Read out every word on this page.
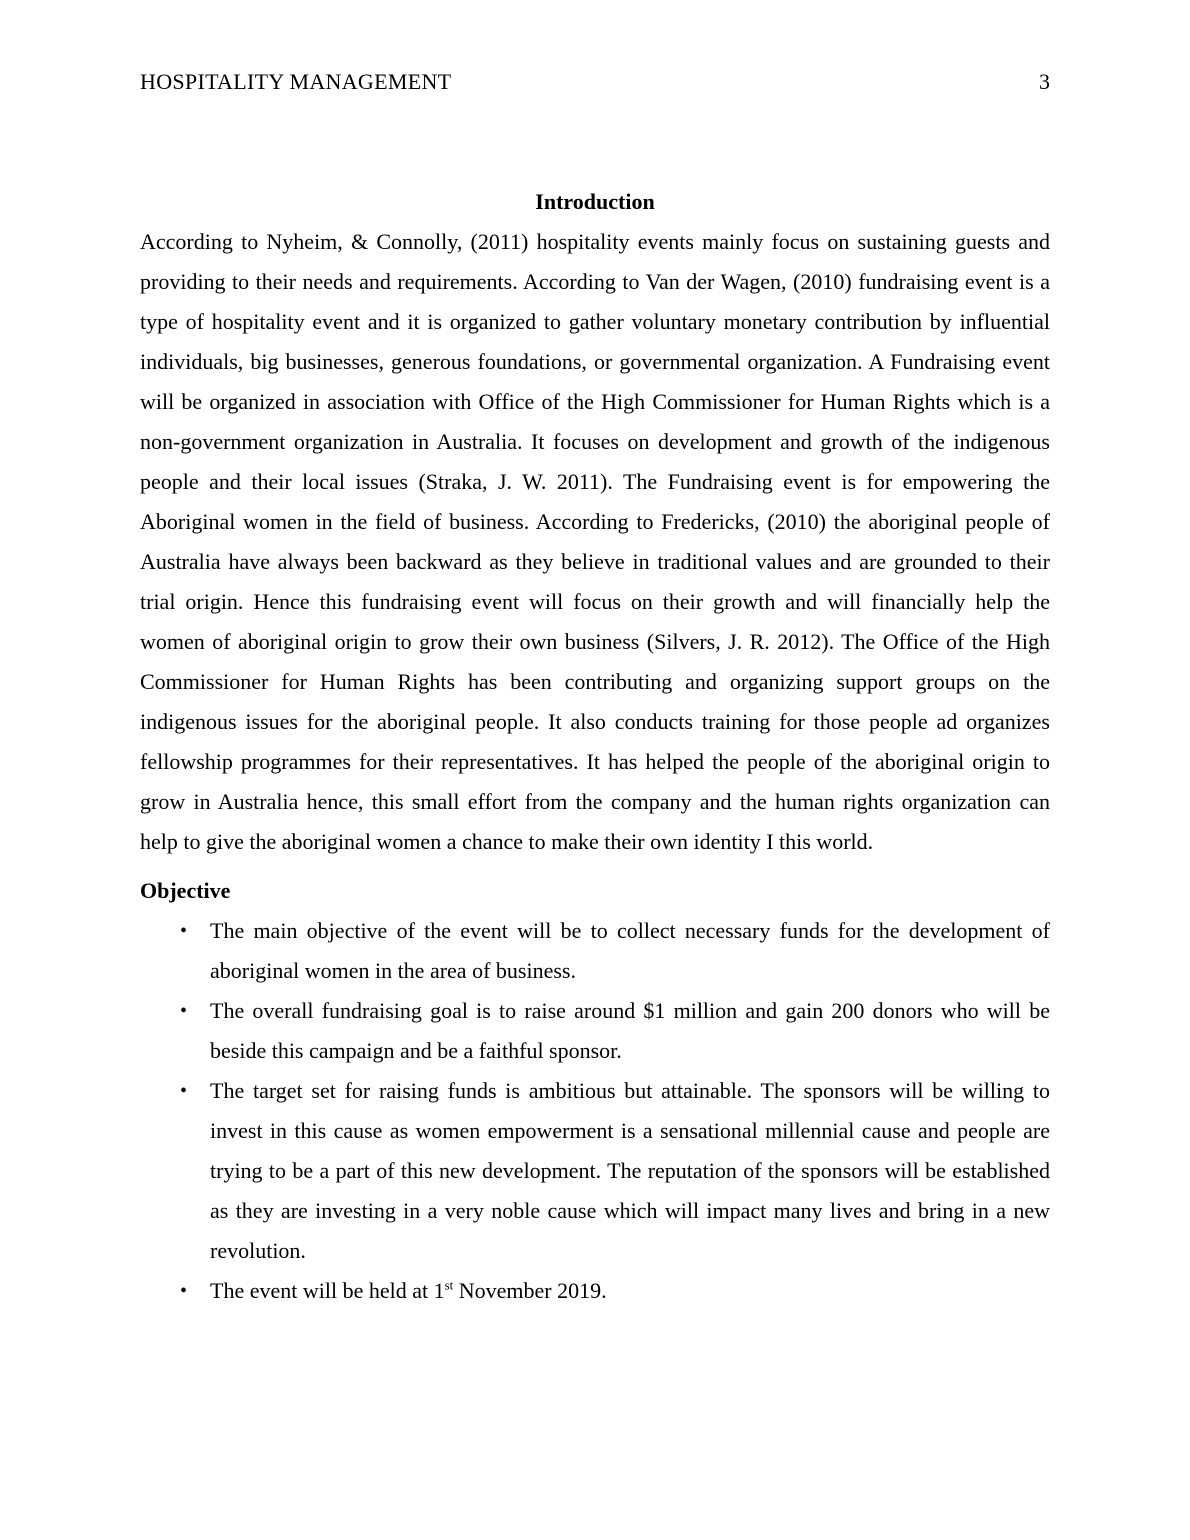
HOSPITALITY MANAGEMENT	3
Introduction

According to Nyheim, & Connolly, (2011) hospitality events mainly focus on sustaining guests and providing to their needs and requirements. According to Van der Wagen, (2010) fundraising event is a type of hospitality event and it is organized to gather voluntary monetary contribution by influential individuals, big businesses, generous foundations, or governmental organization. A Fundraising event will be organized in association with Office of the High Commissioner for Human Rights which is a non-government organization in Australia. It focuses on development and growth of the indigenous people and their local issues (Straka, J. W. 2011). The Fundraising event is for empowering the Aboriginal women in the field of business. According to Fredericks, (2010) the aboriginal people of Australia have always been backward as they believe in traditional values and are grounded to their trial origin. Hence this fundraising event will focus on their growth and will financially help the women of aboriginal origin to grow their own business (Silvers, J. R. 2012). The Office of the High Commissioner for Human Rights has been contributing and organizing support groups on the indigenous issues for the aboriginal people. It also conducts training for those people ad organizes fellowship programmes for their representatives. It has helped the people of the aboriginal origin to grow in Australia hence, this small effort from the company and the human rights organization can help to give the aboriginal women a chance to make their own identity I this world.

Objective
• The main objective of the event will be to collect necessary funds for the development of aboriginal women in the area of business.
• The overall fundraising goal is to raise around $1 million and gain 200 donors who will be beside this campaign and be a faithful sponsor.
• The target set for raising funds is ambitious but attainable. The sponsors will be willing to invest in this cause as women empowerment is a sensational millennial cause and people are trying to be a part of this new development. The reputation of the sponsors will be established as they are investing in a very noble cause which will impact many lives and bring in a new revolution.
• The event will be held at 1st November 2019.
